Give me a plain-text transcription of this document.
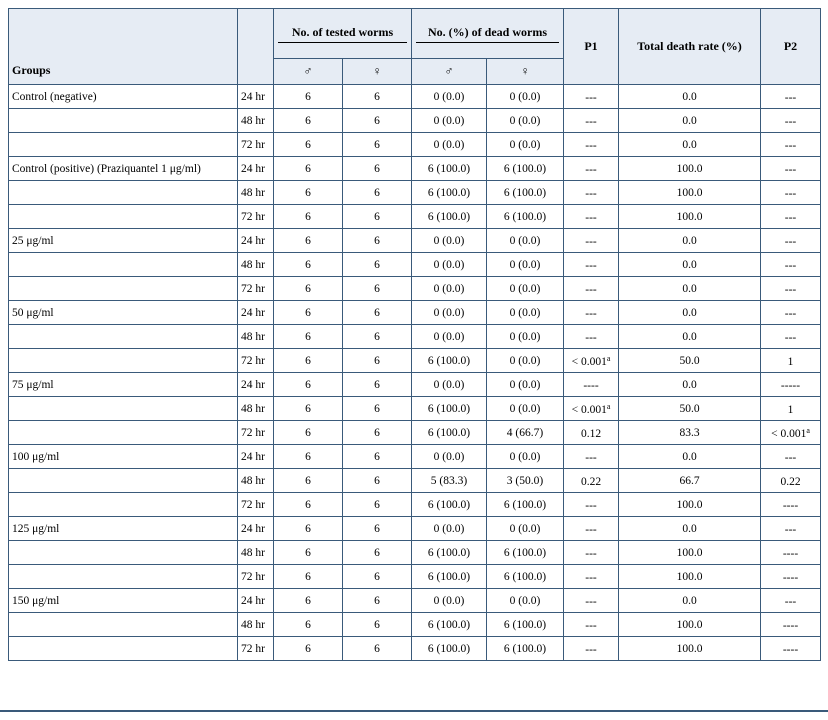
Groups		No. of tested worms		No. (%) of dead worms		P1	Total death rate (%)	P2
		♂	♀	♂	♀			
Control (negative)	24 hr	6	6	0 (0.0)	0 (0.0)	---	0.0	---
	48 hr	6	6	0 (0.0)	0 (0.0)	---	0.0	---
	72 hr	6	6	0 (0.0)	0 (0.0)	---	0.0	---
Control (positive) (Praziquantel 1 μg/ml)	24 hr	6	6	6 (100.0)	6 (100.0)	---	100.0	---
	48 hr	6	6	6 (100.0)	6 (100.0)	---	100.0	---
	72 hr	6	6	6 (100.0)	6 (100.0)	---	100.0	---
25 μg/ml	24 hr	6	6	0 (0.0)	0 (0.0)	---	0.0	---
	48 hr	6	6	0 (0.0)	0 (0.0)	---	0.0	---
	72 hr	6	6	0 (0.0)	0 (0.0)	---	0.0	---
50 μg/ml	24 hr	6	6	0 (0.0)	0 (0.0)	---	0.0	---
	48 hr	6	6	0 (0.0)	0 (0.0)	---	0.0	---
	72 hr	6	6	6 (100.0)	0 (0.0)	< 0.001$^a$	50.0	1
75 μg/ml	24 hr	6	6	0 (0.0)	0 (0.0)	----	0.0	-----
	48 hr	6	6	6 (100.0)	0 (0.0)	< 0.001$^a$	50.0	1
	72 hr	6	6	6 (100.0)	4 (66.7)	0.12	83.3	< 0.001$^a$
100 μg/ml	24 hr	6	6	0 (0.0)	0 (0.0)	---	0.0	---
	48 hr	6	6	5 (83.3)	3 (50.0)	0.22	66.7	0.22
	72 hr	6	6	6 (100.0)	6 (100.0)	---	100.0	----
125 μg/ml	24 hr	6	6	0 (0.0)	0 (0.0)	---	0.0	---
	48 hr	6	6	6 (100.0)	6 (100.0)	---	100.0	----
	72 hr	6	6	6 (100.0)	6 (100.0)	---	100.0	----
150 μg/ml	24 hr	6	6	0 (0.0)	0 (0.0)	---	0.0	---
	48 hr	6	6	6 (100.0)	6 (100.0)	---	100.0	----
	72 hr	6	6	6 (100.0)	6 (100.0)	---	100.0	----
